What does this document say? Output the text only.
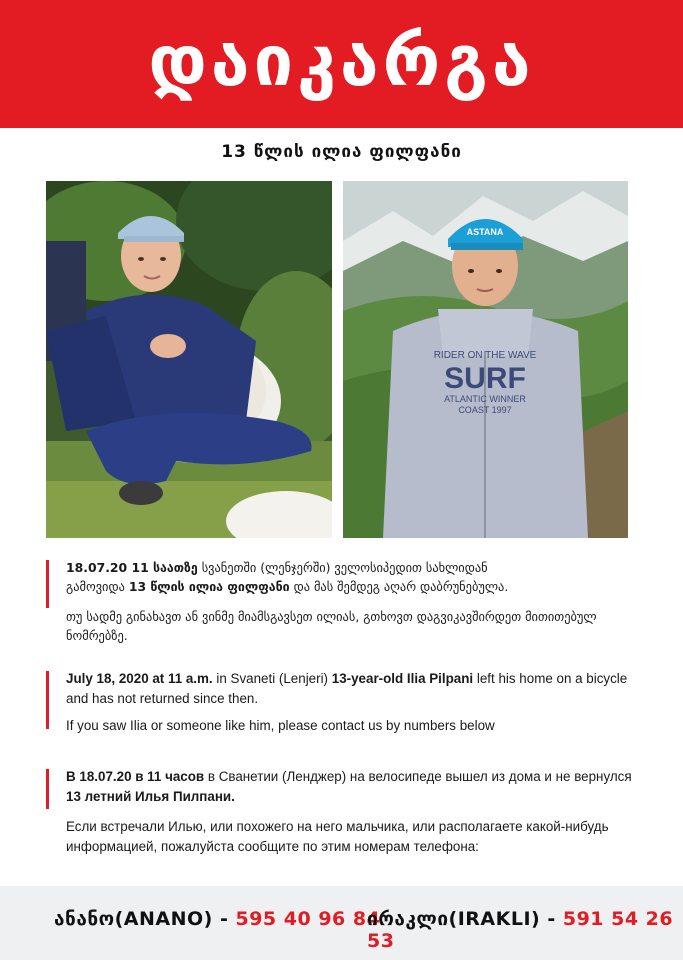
დაიკარგა
13 წლის ილია ფილფანი
ASTANA
RIDER ON THE WAVE
SURF
ATLANTIC WINNER
COAST 1997
18.07.20 11 საათზე სვანეთში (ლენჯერში) ველოსიპედით სახლიდან
გამოვიდა 13 წლის ილია ფილფანი და მას შემდეგ აღარ დაბრუნებულა.
თუ სადმე გინახავთ ან ვინმე მიამსგავსეთ ილიას, გთხოვთ დაგვიკავშირდეთ მითითებულ ნომრებზე.
July 18, 2020 at 11 a.m. in Svaneti (Lenjeri) 13-year-old Ilia Pilpani left his home on a bicycle and has not returned since then.
If you saw Ilia or someone like him, please contact us by numbers below
В 18.07.20 в 11 часов в Сванетии (Ленджер) на велосипеде вышел из дома и не вернулся 13 летний Илья Пилпани.
Если встречали Илью, или похожего на него мальчика, или располагаете какой-нибудь информацией, пожалуйста сообщите по этим номерам телефона:
ანანო(ANANO) - 595 40 96 84
ირაკლი(IRAKLI) - 591 54 26 53
